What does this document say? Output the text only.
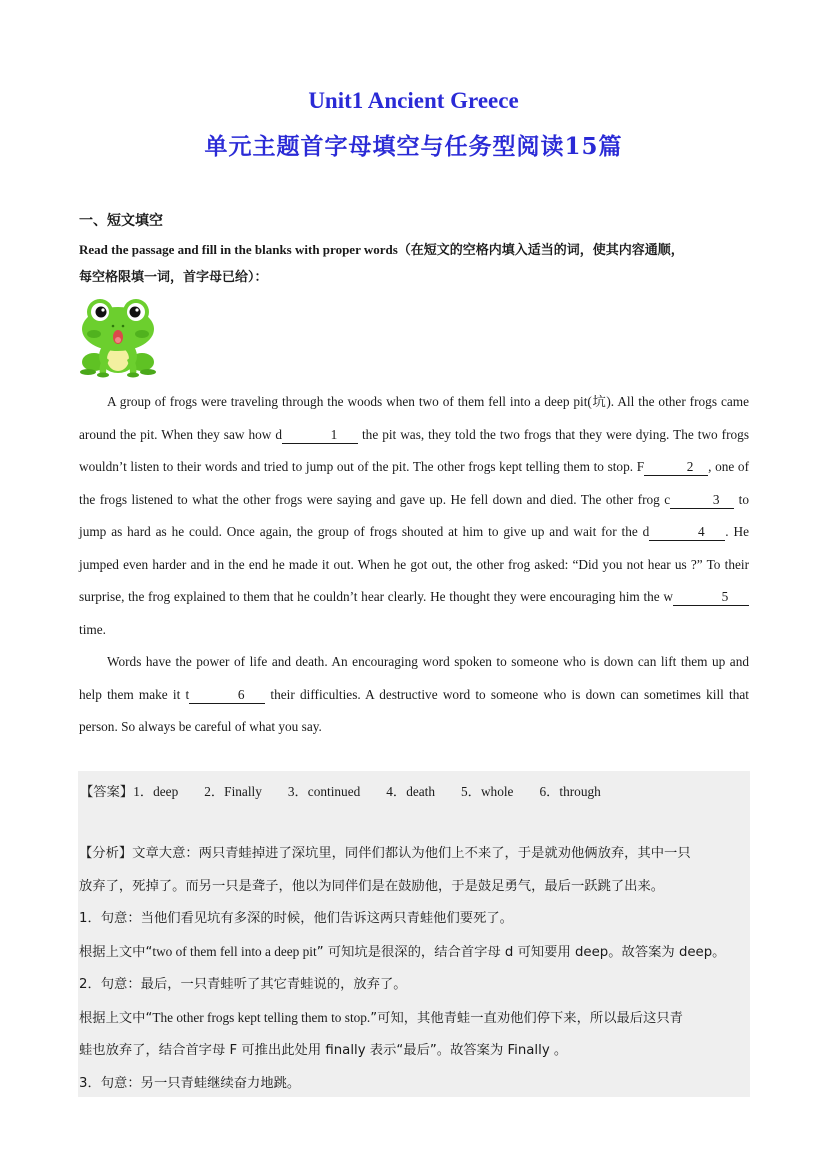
Unit1 Ancient Greece
单元主题首字母填空与任务型阅读15篇
一、短文填空
Read the passage and fill in the blanks with proper words（在短文的空格内填入适当的词，使其内容通顺，
每空格限填一词，首字母已给）：

A group of frogs were traveling through the woods when two of them fell into a deep pit(坑). All the other frogs came around the pit. When they saw how d	1 the pit was, they told the two frogs that they were dying. The two frogs wouldn’t listen to their words and tried to jump out of the pit. The other frogs kept telling them to stop. F	2 , one of the frogs listened to what the other frogs were saying and gave up. He fell down and died. The other frog c	3 to jump as hard as he could. Once again, the group of frogs shouted at him to give up and wait for the d	4 . He jumped even harder and in the end he made it out. When he got out, the other frog asked: “Did you not hear us ?” To their surprise, the frog explained to them that he couldn’t hear clearly. He thought they were encouraging him the w	5 time.

Words have the power of life and death. An encouraging word spoken to someone who is down can lift them up and help them make it t	6 their difficulties. A destructive word to someone who is down can sometimes kill that person. So always be careful of what you say.

【答案】1．deep 2．Finally 3．continued 4．death 5．whole 6．through
【分析】文章大意：两只青蛙掉进了深坑里，同伴们都认为他们上不来了，于是就劝他俩放弃，其中一只
放弃了，死掉了。而另一只是聋子，他以为同伴们是在鼓励他，于是鼓足勇气，最后一跃跳了出来。
1．句意：当他们看见坑有多深的时候，他们告诉这两只青蛙他们要死了。
根据上文中“two of them fell into a deep pit” 可知坑是很深的，结合首字母 d 可知要用 deep。故答案为 deep。
2．句意：最后，一只青蛙听了其它青蛙说的，放弃了。
根据上文中“The other frogs kept telling them to stop.”可知，其他青蛙一直劝他们停下来，所以最后这只青
蛙也放弃了，结合首字母 F 可推出此处用 finally 表示“最后”。故答案为 Finally 。
3．句意：另一只青蛙继续奋力地跳。
